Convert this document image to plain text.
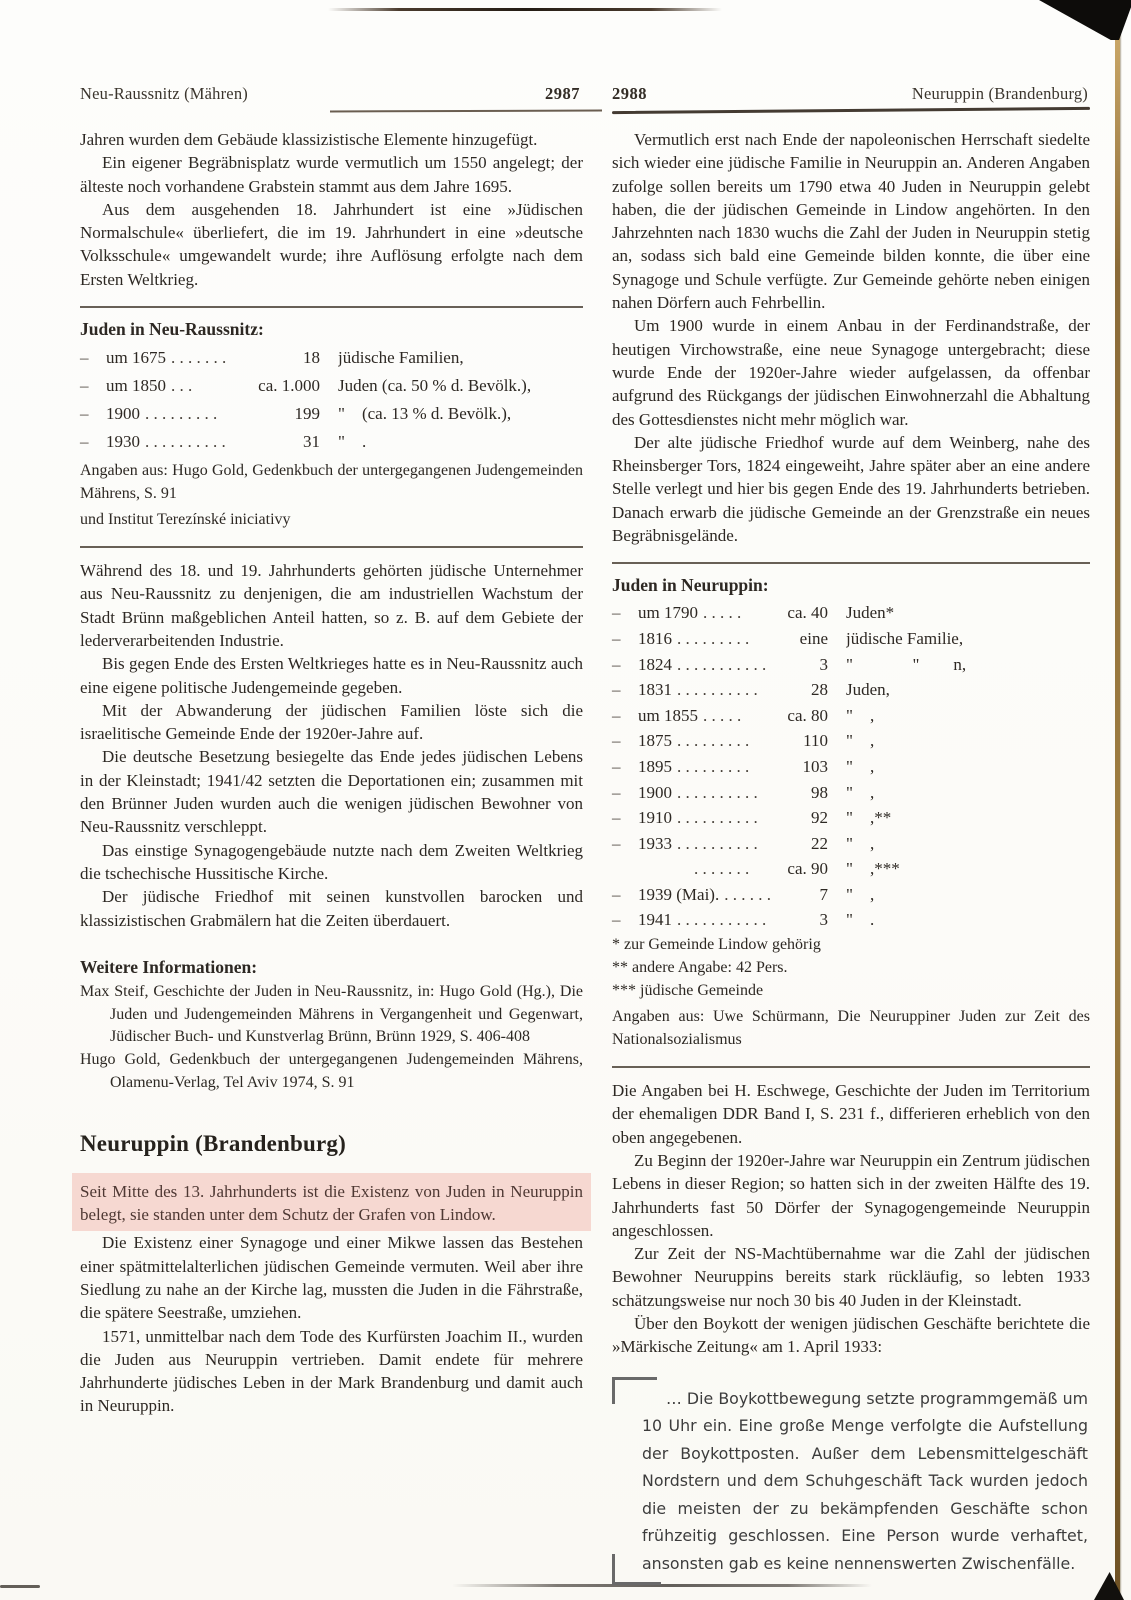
Neu-Raussnitz (Mähren)	2987 2988	Neuruppin (Brandenburg)

Jahren wurden dem Gebäude klassizistische Elemente hinzugefügt.

Ein eigener Begräbnisplatz wurde vermutlich um 1550 angelegt; der älteste noch vorhandene Grabstein stammt aus dem Jahre 1695.

Aus dem ausgehenden 18. Jahrhundert ist eine »Jüdischen Normalschule« überliefert, die im 19. Jahrhundert in eine »deutsche Volksschule« umgewandelt wurde; ihre Auflösung erfolgte nach dem Ersten Weltkrieg.

Juden in Neu-Raussnitz:
–	um 1675 . . . . . . .	18 jüdische Familien,
–	um 1850 . . .	ca. 1.000 Juden (ca. 50 % d. Bevölk.),
–	1900 . . . . . . . . .	199 "    (ca. 13 % d. Bevölk.),
–	1930 . . . . . . . . . .	31 "    .

Angaben aus: Hugo Gold, Gedenkbuch der untergegangenen Judengemeinden Mährens, S. 91

und Institut Terezínské iniciativy

Während des 18. und 19. Jahrhunderts gehörten jüdische Unternehmer aus Neu-Raussnitz zu denjenigen, die am industriellen Wachstum der Stadt Brünn maßgeblichen Anteil hatten, so z. B. auf dem Gebiete der lederverarbeitenden Industrie.

Bis gegen Ende des Ersten Weltkrieges hatte es in Neu-Raussnitz auch eine eigene politische Judengemeinde gegeben.

Mit der Abwanderung der jüdischen Familien löste sich die israelitische Gemeinde Ende der 1920er-Jahre auf.

Die deutsche Besetzung besiegelte das Ende jedes jüdischen Lebens in der Kleinstadt; 1941/42 setzten die Deportationen ein; zusammen mit den Brünner Juden wurden auch die wenigen jüdischen Bewohner von Neu-Raussnitz verschleppt.

Das einstige Synagogengebäude nutzte nach dem Zweiten Weltkrieg die tschechische Hussitische Kirche.

Der jüdische Friedhof mit seinen kunstvollen barocken und klassizistischen Grabmälern hat die Zeiten überdauert.

Weitere Informationen:

Max Steif, Geschichte der Juden in Neu-Raussnitz, in: Hugo Gold (Hg.), Die Juden und Judengemeinden Mährens in Vergangenheit und Gegenwart, Jüdischer Buch- und Kunstverlag Brünn, Brünn 1929, S. 406-408

Hugo Gold, Gedenkbuch der untergegangenen Judengemeinden Mährens, Olamenu-Verlag, Tel Aviv 1974, S. 91

Neuruppin (Brandenburg)

Seit Mitte des 13. Jahrhunderts ist die Existenz von Juden in Neuruppin belegt, sie standen unter dem Schutz der Grafen von Lindow.

Die Existenz einer Synagoge und einer Mikwe lassen das Bestehen einer spätmittelalterlichen jüdischen Gemeinde vermuten. Weil aber ihre Siedlung zu nahe an der Kirche lag, mussten die Juden in die Fährstraße, die spätere Seestraße, umziehen.

1571, unmittelbar nach dem Tode des Kurfürsten Joachim II., wurden die Juden aus Neuruppin vertrieben. Damit endete für mehrere Jahrhunderte jüdisches Leben in der Mark Brandenburg und damit auch in Neuruppin.

Vermutlich erst nach Ende der napoleonischen Herrschaft siedelte sich wieder eine jüdische Familie in Neuruppin an. Anderen Angaben zufolge sollen bereits um 1790 etwa 40 Juden in Neuruppin gelebt haben, die der jüdischen Gemeinde in Lindow angehörten. In den Jahrzehnten nach 1830 wuchs die Zahl der Juden in Neuruppin stetig an, sodass sich bald eine Gemeinde bilden konnte, die über eine Synagoge und Schule verfügte. Zur Gemeinde gehörte neben einigen nahen Dörfern auch Fehrbellin.

Um 1900 wurde in einem Anbau in der Ferdinandstraße, der heutigen Virchowstraße, eine neue Synagoge untergebracht; diese wurde Ende der 1920er-Jahre wieder aufgelassen, da offenbar aufgrund des Rückgangs der jüdischen Einwohnerzahl die Abhaltung des Gottesdienstes nicht mehr möglich war.

Der alte jüdische Friedhof wurde auf dem Weinberg, nahe des Rheinsberger Tors, 1824 eingeweiht, Jahre später aber an eine andere Stelle verlegt und hier bis gegen Ende des 19. Jahrhunderts betrieben. Danach erwarb die jüdische Gemeinde an der Grenzstraße ein neues Begräbnisgelände.

Juden in Neuruppin:
–	um 1790 . . . . .	ca. 40 Juden*
–	1816 . . . . . . . . .	eine jüdische Familie,
–	1824 . . . . . . . . . . .	3 "              "        n,
–	1831 . . . . . . . . . .	28 Juden,
–	um 1855 . . . . .	ca. 80 "    ,
–	1875 . . . . . . . . .	110 "    ,
–	1895 . . . . . . . . .	103 "    ,
–	1900 . . . . . . . . . .	98 "    ,
–	1910 . . . . . . . . . .	92 "    ,**
–	1933 . . . . . . . . . .	22 "    ,

. . . . . . .	ca. 90 "    ,***
–	1939 (Mai). . . . . . .	7 "    ,
–	1941 . . . . . . . . . . .	3 "    .

* zur Gemeinde Lindow gehörig

** andere Angabe: 42 Pers.

*** jüdische Gemeinde

Angaben aus: Uwe Schürmann, Die Neuruppiner Juden zur Zeit des Nationalsozialismus

Die Angaben bei H. Eschwege, Geschichte der Juden im Territorium der ehemaligen DDR Band I, S. 231 f., differieren erheblich von den oben angegebenen.

Zu Beginn der 1920er-Jahre war Neuruppin ein Zentrum jüdischen Lebens in dieser Region; so hatten sich in der zweiten Hälfte des 19. Jahrhunderts fast 50 Dörfer der Synagogengemeinde Neuruppin angeschlossen.

Zur Zeit der NS-Machtübernahme war die Zahl der jüdischen Bewohner Neuruppins bereits stark rückläufig, so lebten 1933 schätzungsweise nur noch 30 bis 40 Juden in der Kleinstadt.

Über den Boykott der wenigen jüdischen Geschäfte berichtete die »Märkische Zeitung« am 1. April 1933:

… Die Boykottbewegung setzte programmgemäß um 10 Uhr ein. Eine große Menge verfolgte die Aufstellung der Boykottposten. Außer dem Lebensmittelgeschäft Nordstern und dem Schuhgeschäft Tack wurden jedoch die meisten der zu bekämpfenden Geschäfte schon frühzeitig geschlossen. Eine Person wurde verhaftet, ansonsten gab es keine nennenswerten Zwischenfälle.
